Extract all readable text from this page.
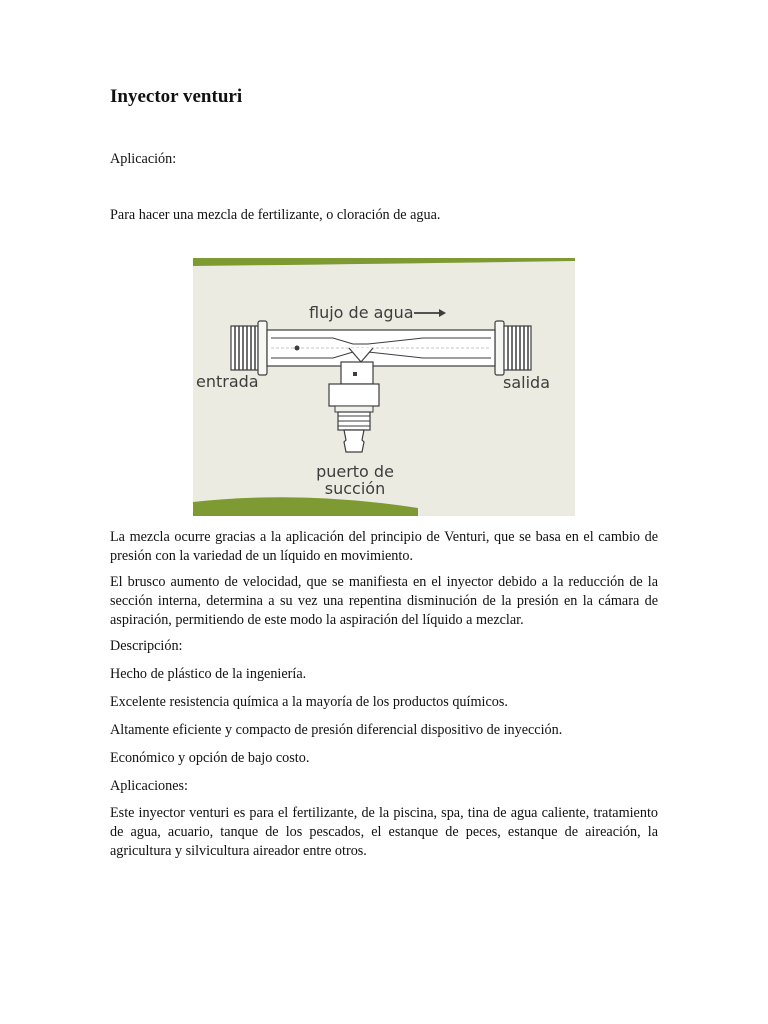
Inyector venturi

Aplicación:

Para hacer una mezcla de fertilizante, o cloración de agua.

flujo de agua
entrada	salida
puerto de
succión

La mezcla ocurre gracias a la aplicación del principio de Venturi, que se basa en el cambio de presión con la variedad de un líquido en movimiento.

El brusco aumento de velocidad, que se manifiesta en el inyector debido a la reducción de la sección interna, determina a su vez una repentina disminución de la presión en la cámara de aspiración, permitiendo de este modo la aspiración del líquido a mezclar.

Descripción:

Hecho de plástico de la ingeniería.

Excelente resistencia química a la mayoría de los productos químicos.

Altamente eficiente y compacto de presión diferencial dispositivo de inyección.

Económico y opción de bajo costo.

Aplicaciones:

Este inyector venturi es para el fertilizante, de la piscina, spa, tina de agua caliente, tratamiento de agua, acuario, tanque de los pescados, el estanque de peces, estanque de aireación, la agricultura y silvicultura aireador entre otros.
